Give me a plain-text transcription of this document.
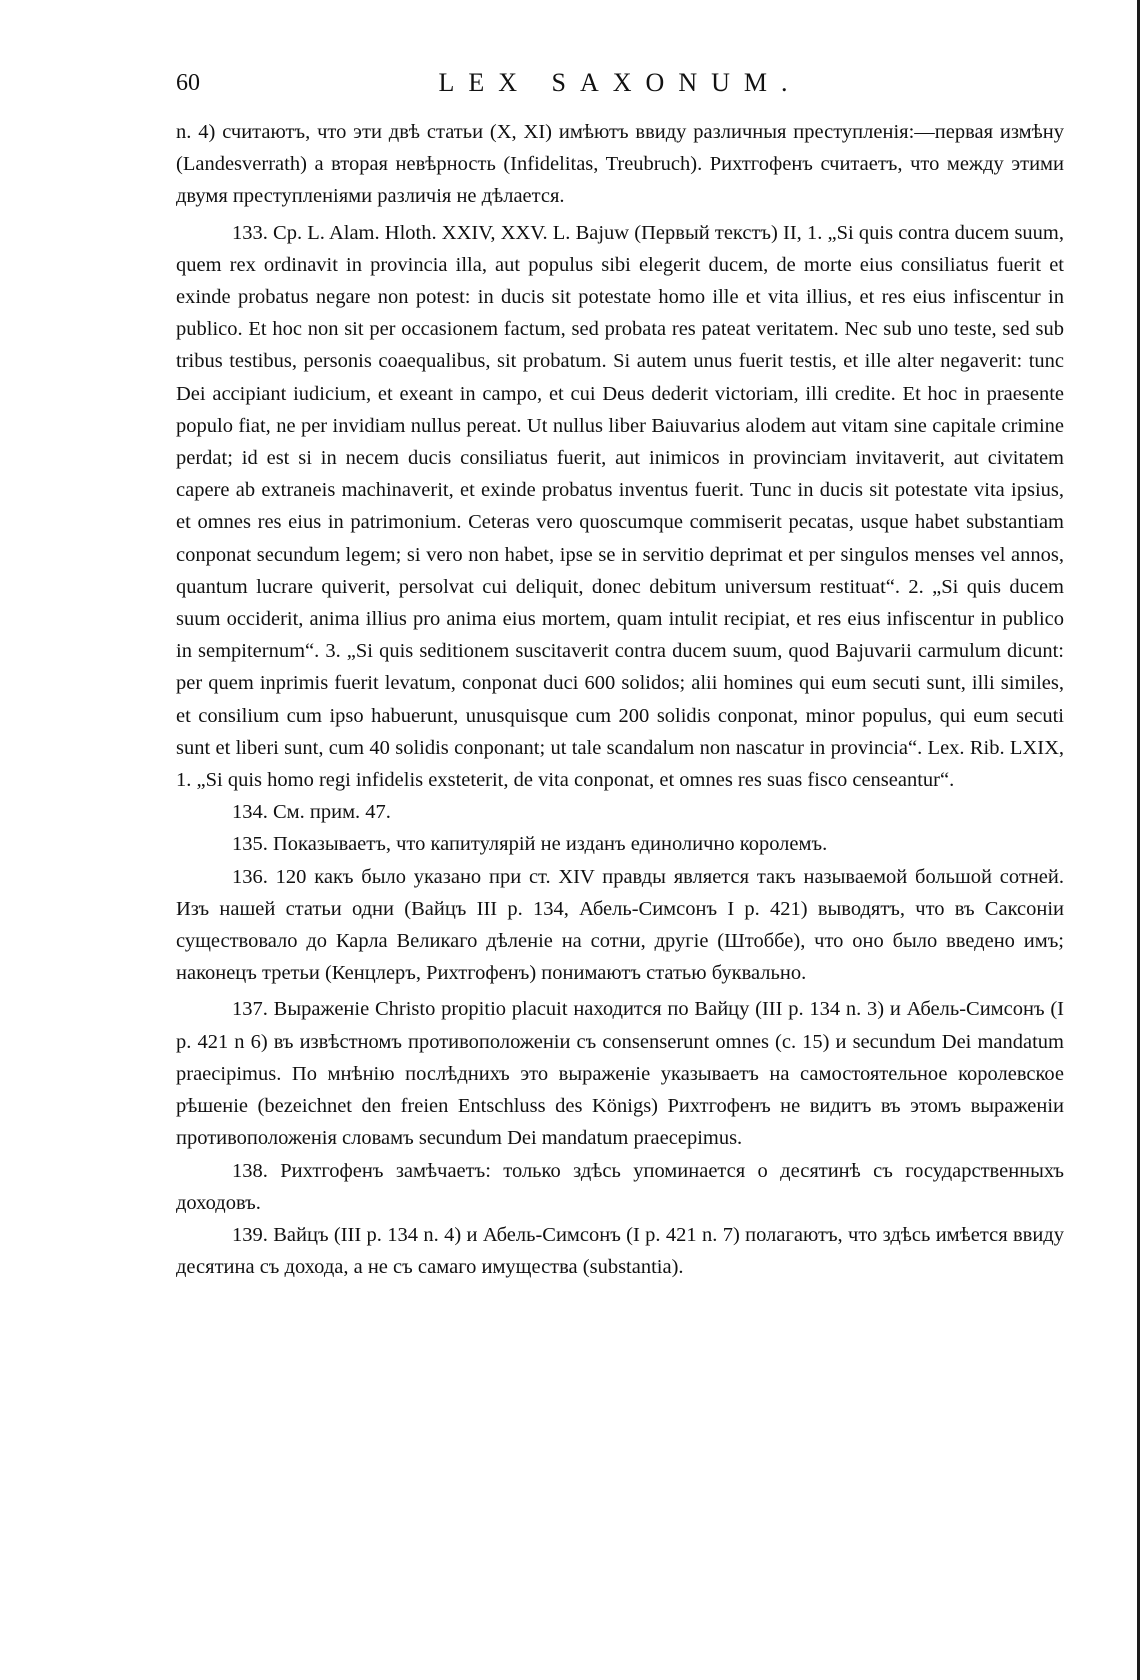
60	LEX SAXONUM.

n. 4) считаютъ, что эти двѣ статьи (X, XI) имѣютъ ввиду различныя преступленія:—первая измѣну (Landesverrath) а вторая невѣрность (Infidelitas, Treubruch). Рихтгофенъ считаетъ, что между этими двумя преступленіями различія не дѣлается.

133. Ср. L. Alam. Hloth. XXIV, XXV. L. Bajuw (Первый текстъ) II, 1. „Si quis contra ducem suum, quem rex ordinavit in provincia illa, aut populus sibi elegerit ducem, de morte eius consiliatus fuerit et exinde probatus negare non potest: in ducis sit potestate homo ille et vita illius, et res eius infiscentur in publico. Et hoc non sit per occasionem factum, sed probata res pateat veritatem. Nec sub uno teste, sed sub tribus testibus, personis coaequalibus, sit probatum. Si autem unus fuerit testis, et ille alter negaverit: tunc Dei accipiant iudicium, et exeant in campo, et cui Deus dederit victoriam, illi credite. Et hoc in praesente populo fiat, ne per invidiam nullus pereat. Ut nullus liber Baiuvarius alodem aut vitam sine capitale crimine perdat; id est si in necem ducis consiliatus fuerit, aut inimicos in provinciam invitaverit, aut civitatem capere ab extraneis machinaverit, et exinde probatus inventus fuerit. Tunc in ducis sit potestate vita ipsius, et omnes res eius in patrimonium. Ceteras vero quoscumque commiserit pecatas, usque habet substantiam conponat secundum legem; si vero non habet, ipse se in servitio deprimat et per singulos menses vel annos, quantum lucrare quiverit, persolvat cui deliquit, donec debitum universum restituat“. 2. „Si quis ducem suum occiderit, anima illius pro anima eius mortem, quam intulit recipiat, et res eius infiscentur in publico in sempiternum“. 3. „Si quis seditionem suscitaverit contra ducem suum, quod Bajuvarii carmulum dicunt: per quem inprimis fuerit levatum, conponat duci 600 solidos; alii homines qui eum secuti sunt, illi similes, et consilium cum ipso habuerunt, unusquisque cum 200 solidis conponat, minor populus, qui eum secuti sunt et liberi sunt, cum 40 solidis conponant; ut tale scandalum non nascatur in provincia“. Lex. Rib. LXIX, 1. „Si quis homo regi infidelis exsteterit, de vita conponat, et omnes res suas fisco censeantur“.

134. См. прим. 47.

135. Показываетъ, что капитулярій не изданъ единолично королемъ.

136. 120 какъ было указано при ст. XIV правды является такъ называемой большой сотней. Изъ нашей статьи одни (Вайцъ III p. 134, Абель-Симсонъ I p. 421) выводятъ, что въ Саксоніи существовало до Карла Великаго дѣленіе на сотни, другіе (Штоббе), что оно было введено имъ; наконецъ третьи (Кенцлеръ, Рихтгофенъ) понимаютъ статью буквально.

137. Выраженіе Christo propitio placuit находится по Вайцу (III p. 134 n. 3) и Абель-Симсонъ (I p. 421 n 6) въ извѣстномъ противоположеніи съ consenserunt omnes (c. 15) и secundum Dei mandatum praecipimus. По мнѣнію послѣднихъ это выраженіе указываетъ на самостоятельное королевское рѣшеніе (bezeichnet den freien Entschluss des Königs) Рихтгофенъ не видитъ въ этомъ выраженіи противоположенія словамъ secundum Dei mandatum praecepimus.

138. Рихтгофенъ замѣчаетъ: только здѣсь упоминается о десятинѣ съ государственныхъ доходовъ.

139. Вайцъ (III p. 134 n. 4) и Абель-Симсонъ (I p. 421 n. 7) полагаютъ, что здѣсь имѣется ввиду десятина съ дохода, а не съ самаго имущества (substantia).
